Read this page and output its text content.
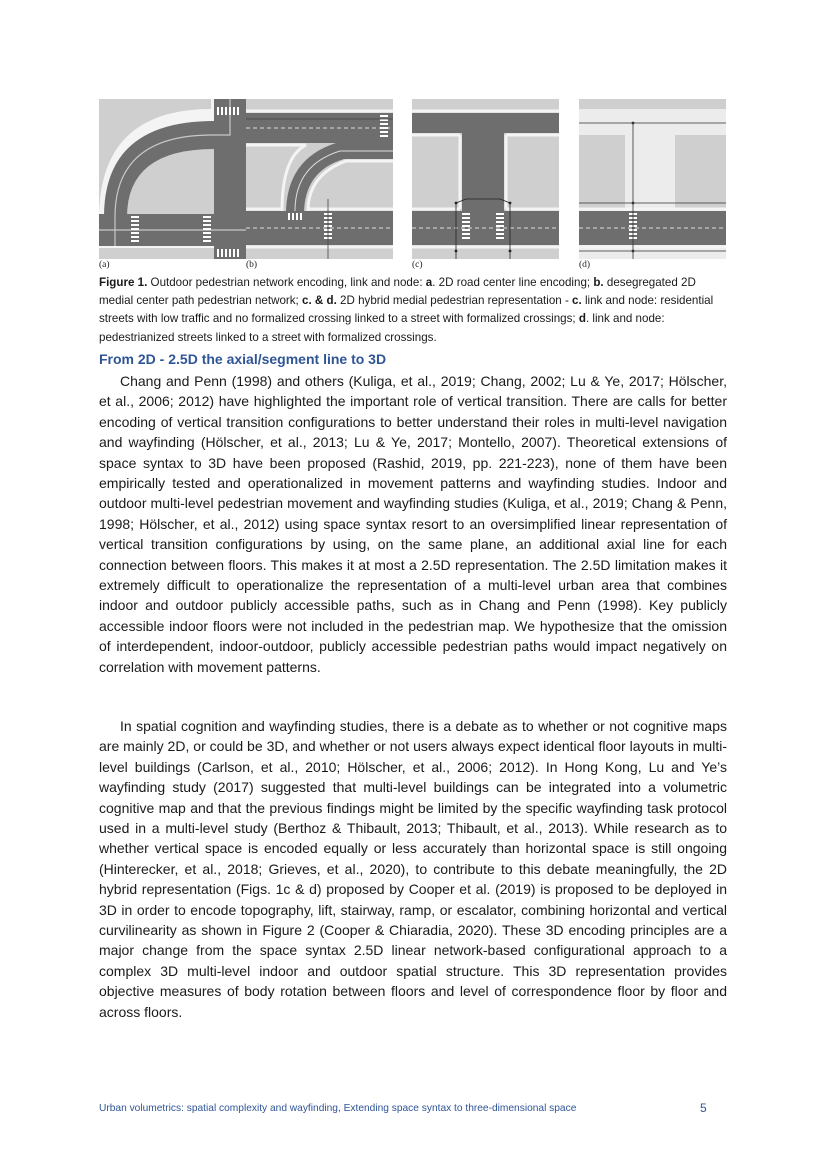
(a)	(b)	(c)	(d)
Figure 1. Outdoor pedestrian network encoding, link and node: a. 2D road center line encoding; b. desegregated 2D medial center path pedestrian network; c. & d. 2D hybrid medial pedestrian representation - c. link and node: residential streets with low traffic and no formalized crossing linked to a street with formalized crossings; d. link and node: pedestrianized streets linked to a street with formalized crossings.
From 2D - 2.5D the axial/segment line to 3D

Chang and Penn (1998) and others (Kuliga, et al., 2019; Chang, 2002; Lu & Ye, 2017; Hölscher, et al., 2006; 2012) have highlighted the important role of vertical transition. There are calls for better encoding of vertical transition configurations to better understand their roles in multi-level navigation and wayfinding (Hölscher, et al., 2013; Lu & Ye, 2017; Montello, 2007). Theoretical extensions of space syntax to 3D have been proposed (Rashid, 2019, pp. 221-223), none of them have been empirically tested and operationalized in movement patterns and wayfinding studies. Indoor and outdoor multi-level pedestrian movement and wayfinding studies (Kuliga, et al., 2019; Chang & Penn, 1998; Hölscher, et al., 2012) using space syntax resort to an oversimplified linear representation of vertical transition configurations by using, on the same plane, an additional axial line for each connection between floors. This makes it at most a 2.5D representation. The 2.5D limitation makes it extremely difficult to operationalize the representation of a multi-level urban area that combines indoor and outdoor publicly accessible paths, such as in Chang and Penn (1998). Key publicly accessible indoor floors were not included in the pedestrian map. We hypothesize that the omission of interdependent, indoor-outdoor, publicly accessible pedestrian paths would impact negatively on correlation with movement patterns.

In spatial cognition and wayfinding studies, there is a debate as to whether or not cognitive maps are mainly 2D, or could be 3D, and whether or not users always expect identical floor layouts in multi-level buildings (Carlson, et al., 2010; Hölscher, et al., 2006; 2012). In Hong Kong, Lu and Ye’s wayfinding study (2017) suggested that multi-level buildings can be integrated into a volumetric cognitive map and that the previous findings might be limited by the specific wayfinding task protocol used in a multi-level study (Berthoz & Thibault, 2013; Thibault, et al., 2013). While research as to whether vertical space is encoded equally or less accurately than horizontal space is still ongoing (Hinterecker, et al., 2018; Grieves, et al., 2020), to contribute to this debate meaningfully, the 2D hybrid representation (Figs. 1c & d) proposed by Cooper et al. (2019) is proposed to be deployed in 3D in order to encode topography, lift, stairway, ramp, or escalator, combining horizontal and vertical curvilinearity as shown in Figure 2 (Cooper & Chiaradia, 2020). These 3D encoding principles are a major change from the space syntax 2.5D linear network-based configurational approach to a complex 3D multi-level indoor and outdoor spatial structure. This 3D representation provides objective measures of body rotation between floors and level of correspondence floor by floor and across floors.

Urban volumetrics: spatial complexity and wayfinding, Extending space syntax to three-dimensional space	5
